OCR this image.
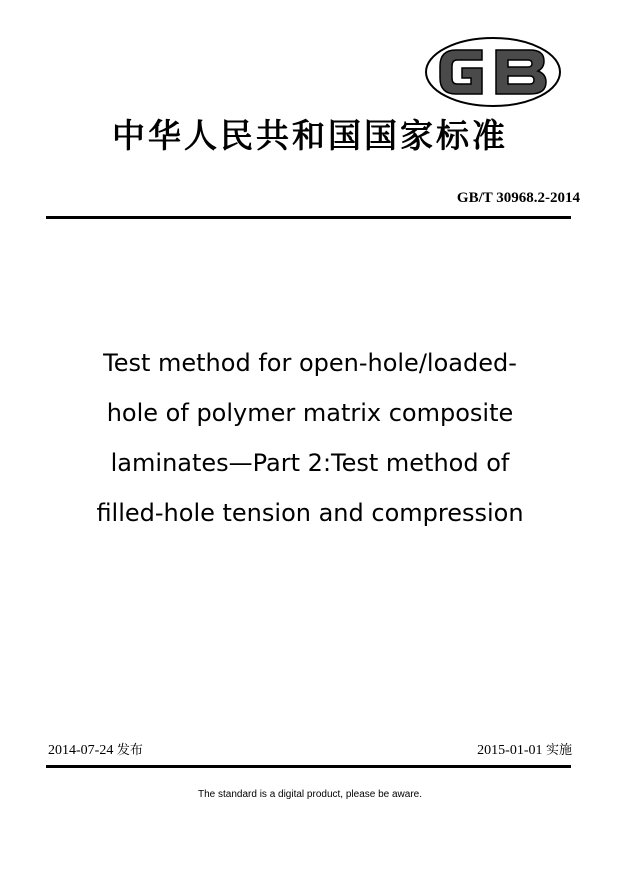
中华人民共和国国家标准
GB/T 30968.2-2014
Test method for open-hole/loaded-
hole of polymer matrix composite
laminates—Part 2:Test method of
filled-hole tension and compression
2014-07-24 发布	2015-01-01 实施
The standard is a digital product, please be aware.
